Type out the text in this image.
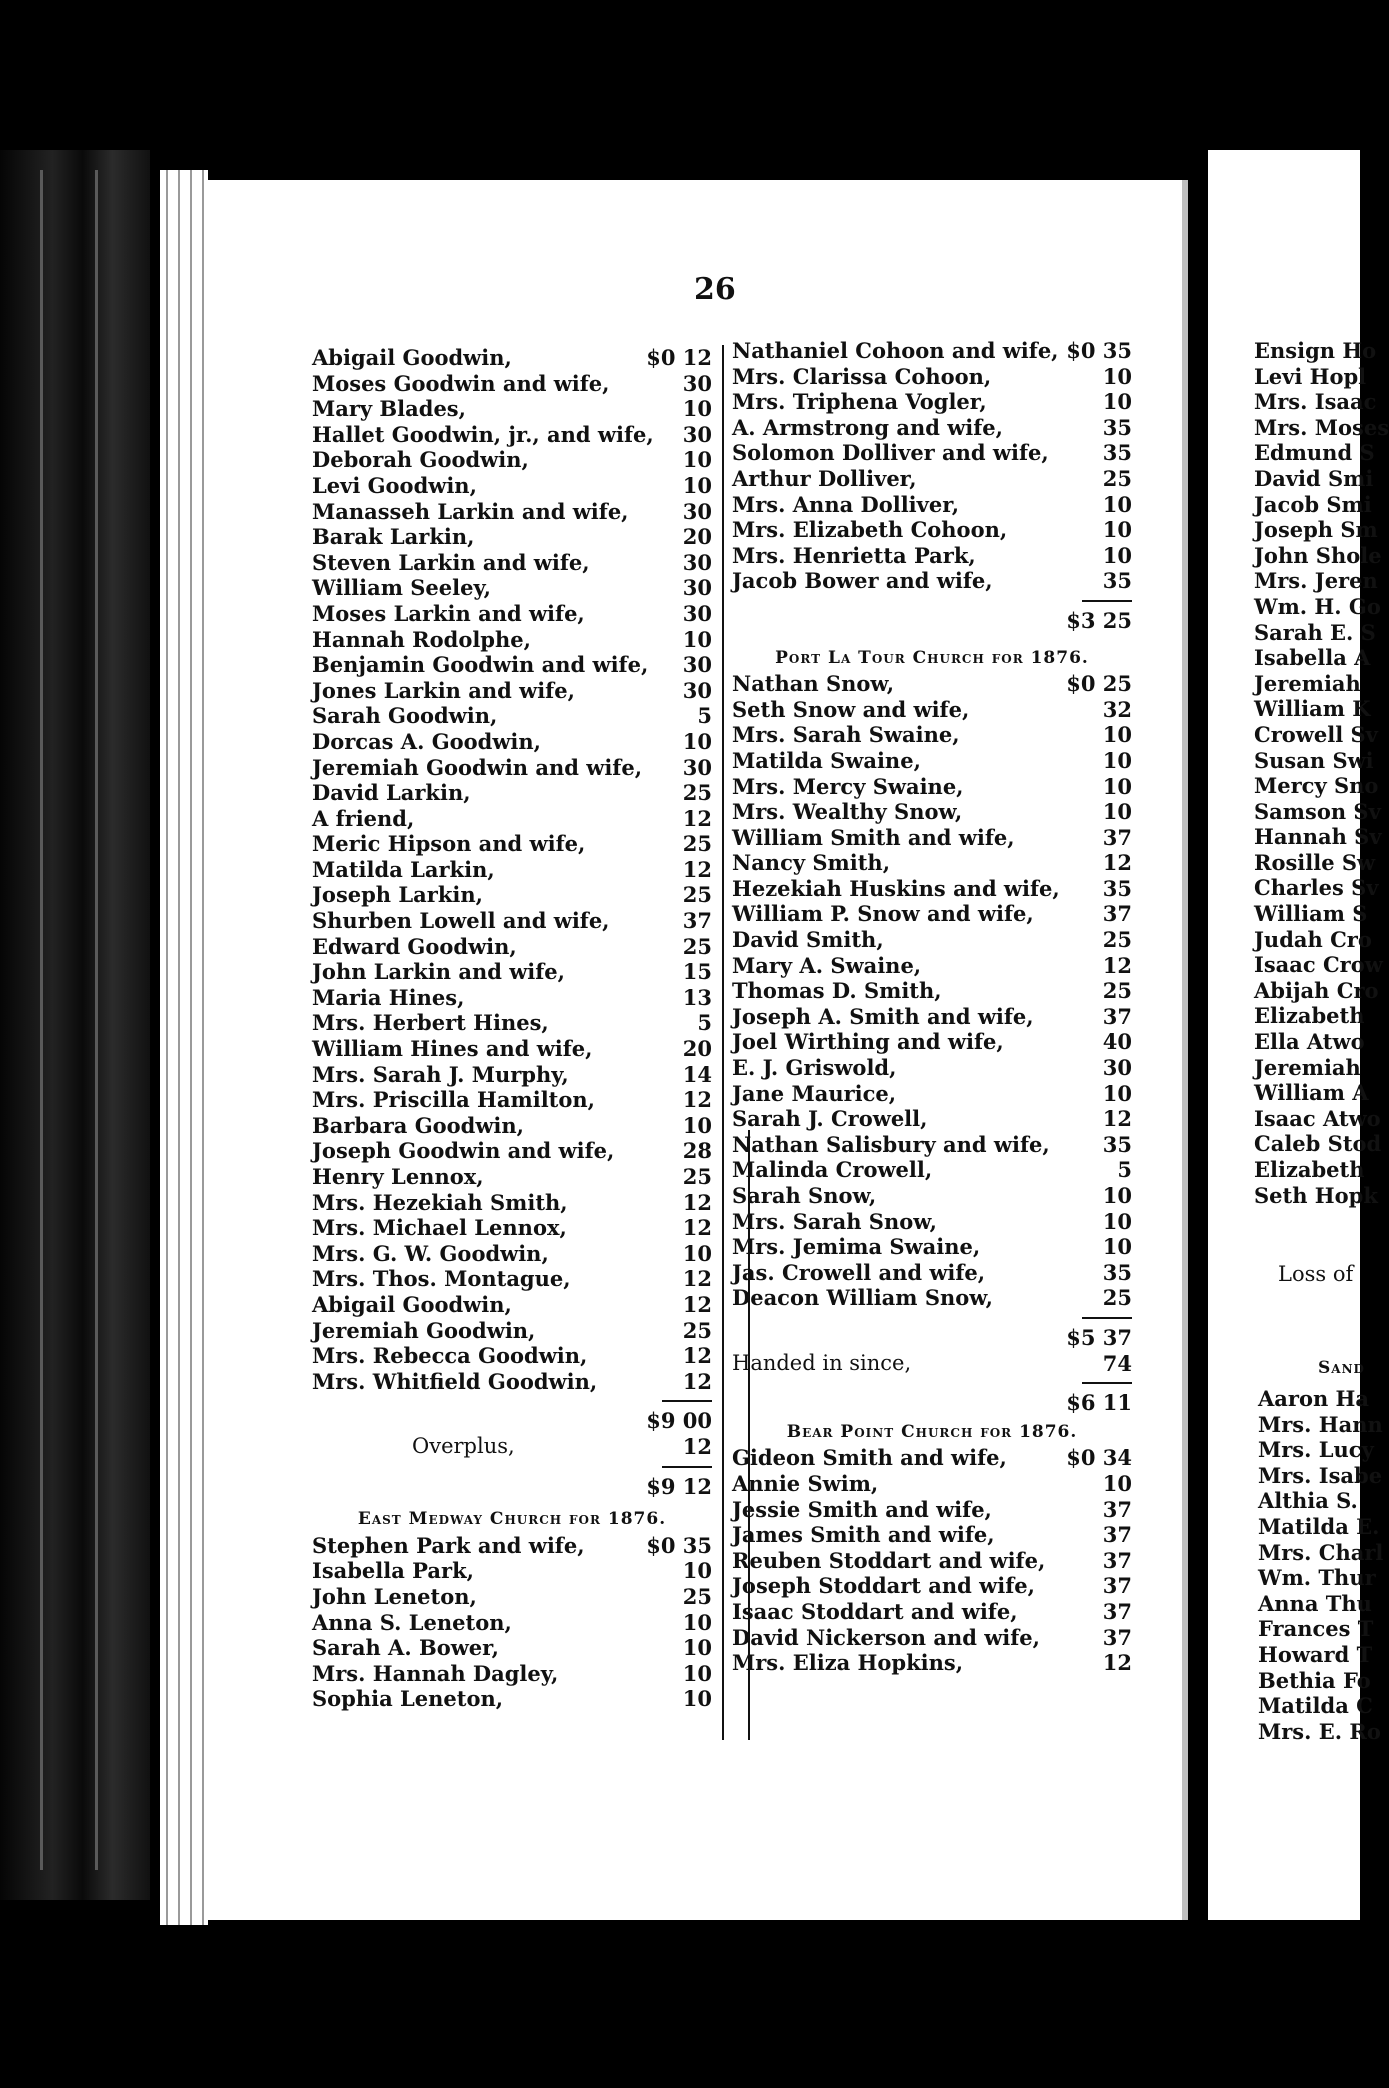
26
Abigail Goodwin,	$0 12
Moses Goodwin and wife,	30
Mary Blades,	10
Hallet Goodwin, jr., and wife, 30
Deborah Goodwin,	10
Levi Goodwin,	10
Manasseh Larkin and wife,	30
Barak Larkin,	20
Steven Larkin and wife,	30
William Seeley,	30
Moses Larkin and wife,	30
Hannah Rodolphe,	10
Benjamin Goodwin and wife, 30
Jones Larkin and wife,	30
Sarah Goodwin,	5
Dorcas A. Goodwin,	10
Jeremiah Goodwin and wife, 30
David Larkin,	25
A friend,	12
Meric Hipson and wife,	25
Matilda Larkin,	12
Joseph Larkin,	25
Shurben Lowell and wife,	37
Edward Goodwin,	25
John Larkin and wife,	15
Maria Hines,	13
Mrs. Herbert Hines,	5
William Hines and wife,	20
Mrs. Sarah J. Murphy,	14
Mrs. Priscilla Hamilton,	12
Barbara Goodwin,	10
Joseph Goodwin and wife,	28
Henry Lennox,	25
Mrs. Hezekiah Smith,	12
Mrs. Michael Lennox,	12
Mrs. G. W. Goodwin,	10
Mrs. Thos. Montague,	12
Abigail Goodwin,	12
Jeremiah Goodwin,	25
Mrs. Rebecca Goodwin,	12
Mrs. Whitfield Goodwin,	12
$9 00
Overplus,	12
$9 12
East Medway Church for 1876.
Stephen Park and wife,	$0 35
Isabella Park,	10
John Leneton,	25
Anna S. Leneton,	10
Sarah A. Bower,	10
Mrs. Hannah Dagley,	10
Sophia Leneton,	10
Nathaniel Cohoon and wife, $0 35
Mrs. Clarissa Cohoon,	10
Mrs. Triphena Vogler,	10
A. Armstrong and wife,	35
Solomon Dolliver and wife,	35
Arthur Dolliver,	25
Mrs. Anna Dolliver,	10
Mrs. Elizabeth Cohoon,	10
Mrs. Henrietta Park,	10
Jacob Bower and wife,	35
$3 25
Port La Tour Church for 1876.
Nathan Snow,	$0 25
Seth Snow and wife,	32
Mrs. Sarah Swaine,	10
Matilda Swaine,	10
Mrs. Mercy Swaine,	10
Mrs. Wealthy Snow,	10
William Smith and wife,	37
Nancy Smith,	12
Hezekiah Huskins and wife, 35
William P. Snow and wife,	37
David Smith,	25
Mary A. Swaine,	12
Thomas D. Smith,	25
Joseph A. Smith and wife,	37
Joel Wirthing and wife,	40
E. J. Griswold,	30
Jane Maurice,	10
Sarah J. Crowell,	12
Nathan Salisbury and wife,	35
Malinda Crowell,	5
Sarah Snow,	10
Mrs. Sarah Snow,	10
Mrs. Jemima Swaine,	10
Jas. Crowell and wife,	35
Deacon William Snow,	25
$5 37
Handed in since,	74
$6 11
Bear Point Church for 1876.
Gideon Smith and wife,	$0 34
Annie Swim,	10
Jessie Smith and wife,	37
James Smith and wife,	37
Reuben Stoddart and wife,	37
Joseph Stoddart and wife,	37
Isaac Stoddart and wife,	37
David Nickerson and wife,	37
Mrs. Eliza Hopkins,	12
Ensign Ho
Levi Hopl
Mrs. Isaac
Mrs. Moses
Edmund S
David Smi
Jacob Smi
Joseph Sm
John Shole
Mrs. Jeren
Wm. H. Go
Sarah E. S
Isabella A
Jeremiah
William K
Crowell Sv
Susan Swi
Mercy Sno
Samson Sv
Hannah Sv
Rosille Sw
Charles Sv
William S
Judah Cro
Isaac Crow
Abijah Cro
Elizabeth
Ella Atwo
Jeremiah
William A
Isaac Atwo
Caleb Stod
Elizabeth
Seth Hopk
Loss of
Sand
Aaron Ha
Mrs. Hann
Mrs. Lucy
Mrs. Isabe
Althia S.
Matilda E.
Mrs. Charl
Wm. Thur
Anna Thu
Frances T
Howard T
Bethia Fo
Matilda C
Mrs. E. Ro
